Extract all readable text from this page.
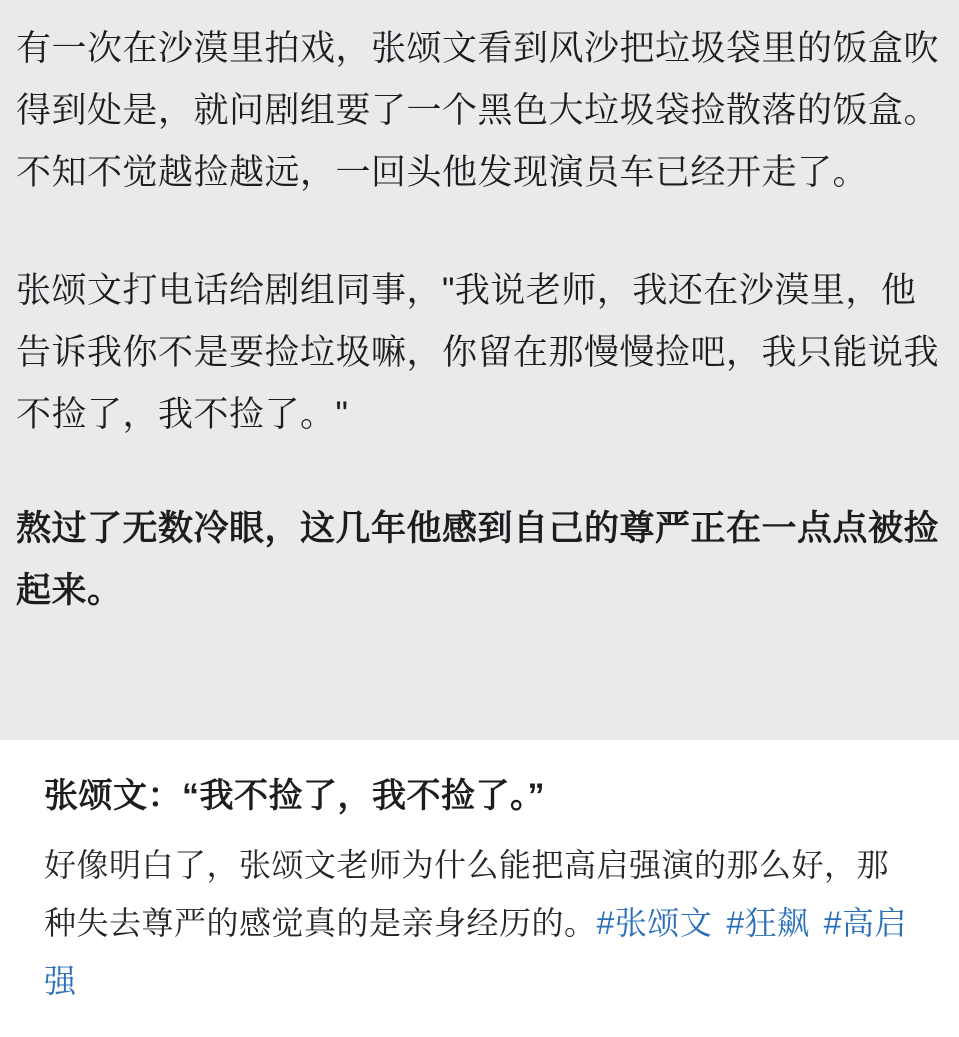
有一次在沙漠里拍戏，张颂文看到风沙把垃圾袋里的饭盒吹得到处是，就问剧组要了一个黑色大垃圾袋捡散落的饭盒。不知不觉越捡越远，一回头他发现演员车已经开走了。

张颂文打电话给剧组同事，"我说老师，我还在沙漠里，他告诉我你不是要捡垃圾嘛，你留在那慢慢捡吧，我只能说我不捡了，我不捡了。"

熬过了无数冷眼，这几年他感到自己的尊严正在一点点被捡起来。

张颂文：“我不捡了，我不捡了。”

好像明白了，张颂文老师为什么能把高启强演的那么好，那种失去尊严的感觉真的是亲身经历的。#张颂文 #狂飙 #高启强
